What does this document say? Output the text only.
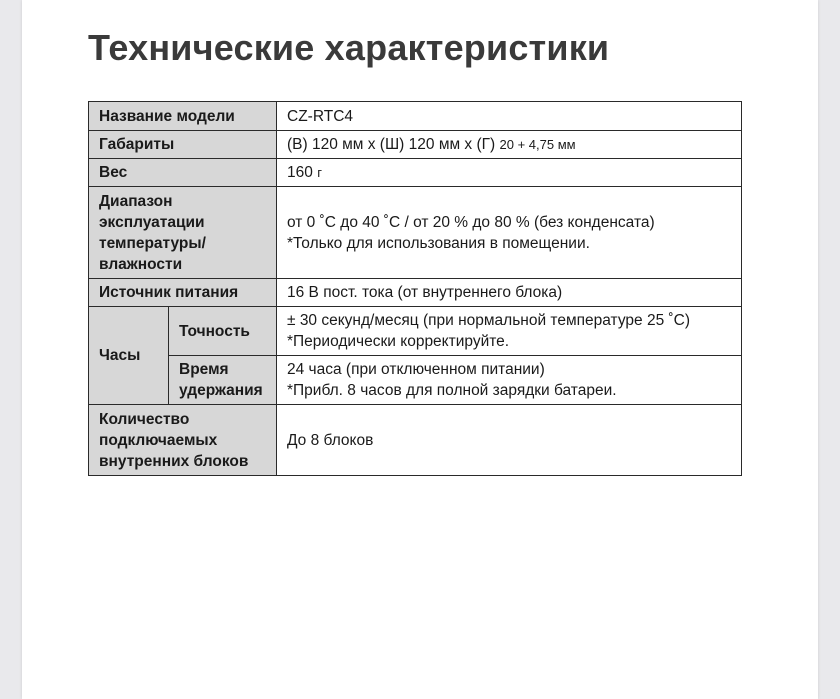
Технические характеристики
Название модели		CZ-RTC4
Габариты		(В) 120 мм x (Ш) 120 мм x (Г) 20 + 4,75 мм
Вес		160 г

Диапазон
эксплуатации
температуры/
влажности		от 0 ˚C до 40 ˚C / от 20 % до 80 % (без конденсата)
*Только для использования в помещении.

Источник питания		16 В пост. тока (от внутреннего блока)
Часы	Точность	± 30 секунд/месяц (при нормальной температуре 25 ˚C)
*Периодически корректируйте.

	Время
удержания	24 часа (при отключенном питании)
*Прибл. 8 часов для полной зарядки батареи.

Количество
подключаемых
внутренних блоков		До 8 блоков
